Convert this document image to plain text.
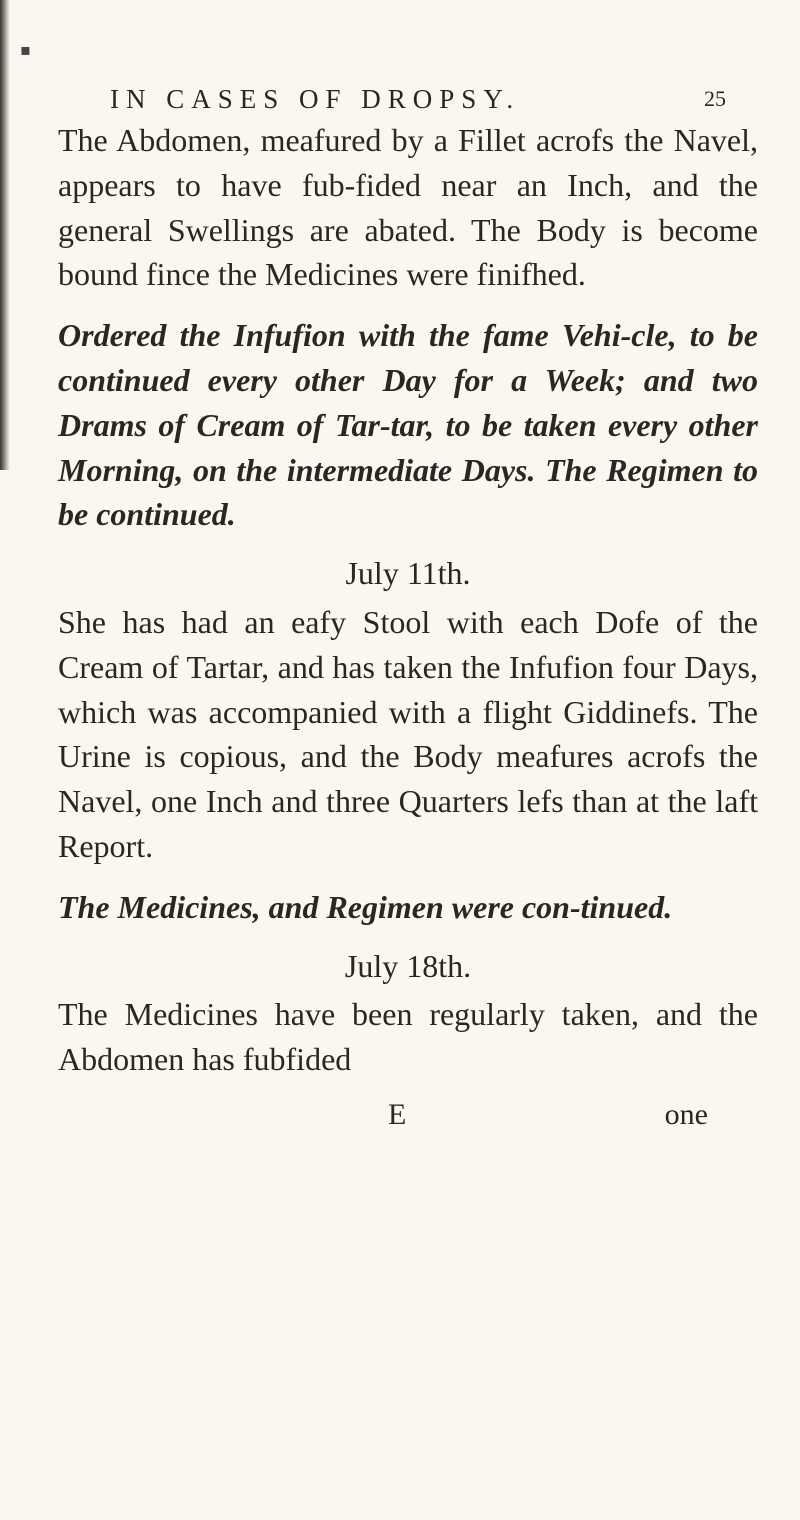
▪
IN CASES OF DROPSY.	25

The Abdomen, meafured by a Fillet acrofs the Navel, appears to have fub-fided near an Inch, and the general Swellings are abated. The Body is become bound fince the Medicines were finifhed.

Ordered the Infufion with the fame Vehi-cle, to be continued every other Day for a Week; and two Drams of Cream of Tar-tar, to be taken every other Morning, on the intermediate Days. The Regimen to be continued.

July 11th.

She has had an eafy Stool with each Dofe of the Cream of Tartar, and has taken the Infufion four Days, which was accompanied with a flight Giddinefs. The Urine is copious, and the Body meafures acrofs the Navel, one Inch and three Quarters lefs than at the laft Report.

The Medicines, and Regimen were con-tinued.

July 18th.

The Medicines have been regularly taken, and the Abdomen has fubfided

E	one
